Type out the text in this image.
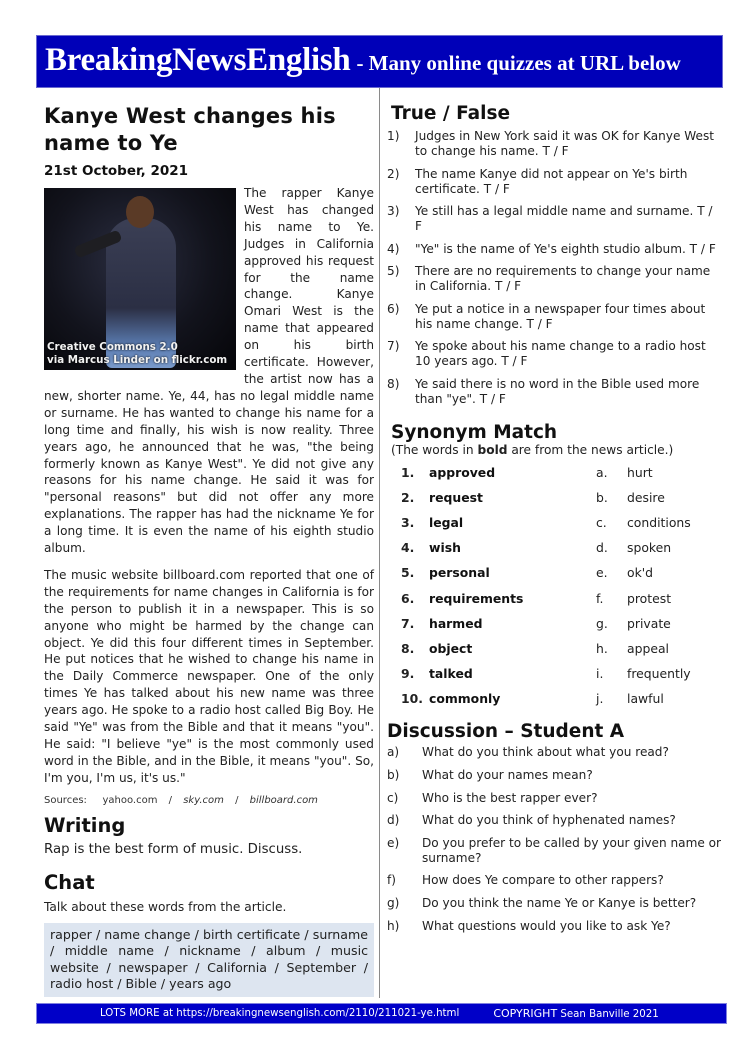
BreakingNewsEnglish - Many online quizzes at URL below
Kanye West changes his name to Ye
21st October, 2021

Creative Commons 2.0
via Marcus Linder on flickr.com
The rapper Kanye West has changed his name to Ye. Judges in California approved his request for the name change. Kanye Omari West is the name that appeared on his birth certificate. However, the artist now has a new, shorter name. Ye, 44, has no legal middle name or surname. He has wanted to change his name for a long time and finally, his wish is now reality. Three years ago, he announced that he was, "the being formerly known as Kanye West". Ye did not give any reasons for his name change. He said it was for "personal reasons" but did not offer any more explanations. The rapper has had the nickname Ye for a long time. It is even the name of his eighth studio album.

The music website billboard.com reported that one of the requirements for name changes in California is for the person to publish it in a newspaper. This is so anyone who might be harmed by the change can object. Ye did this four different times in September. He put notices that he wished to change his name in the Daily Commerce newspaper. One of the only times Ye has talked about his new name was three years ago. He spoke to a radio host called Big Boy. He said "Ye" was from the Bible and that it means "you". He said: "I believe "ye" is the most commonly used word in the Bible, and in the Bible, it means "you". So, I'm you, I'm us, it's us."

Sources: yahoo.com / sky.com / billboard.com
Writing
Rap is the best form of music. Discuss.
Chat
Talk about these words from the article.
rapper / name change / birth certificate / surname / middle name / nickname / album / music website / newspaper / California / September / radio host / Bible / years ago
True / False
1)	Judges in New York said it was OK for Kanye West to change his name. T / F
2)	The name Kanye did not appear on Ye's birth certificate. T / F
3)	Ye still has a legal middle name and surname. T / F
4)	"Ye" is the name of Ye's eighth studio album. T / F
5)	There are no requirements to change your name in California. T / F
6)	Ye put a notice in a newspaper four times about his name change. T / F
7)	Ye spoke about his name change to a radio host 10 years ago. T / F
8)	Ye said there is no word in the Bible used more than "ye". T / F
Synonym Match
(The words in bold are from the news article.)
1.	approved	a.	hurt
2.	request	b.	desire
3.	legal	c.	conditions
4.	wish	d.	spoken
5.	personal	e.	ok'd
6.	requirements	f.	protest
7.	harmed	g.	private
8.	object	h.	appeal
9.	talked	i.	frequently
10. commonly	j.	lawful
Discussion – Student A
a)	What do you think about what you read?
b)	What do your names mean?
c)	Who is the best rapper ever?
d)	What do you think of hyphenated names?
e)	Do you prefer to be called by your given name or surname?
f)	How does Ye compare to other rappers?
g)	Do you think the name Ye or Kanye is better?
h)	What questions would you like to ask Ye?
LOTS MORE at https://breakingnewsenglish.com/2110/211021-ye.html	COPYRIGHT Sean Banville 2021
